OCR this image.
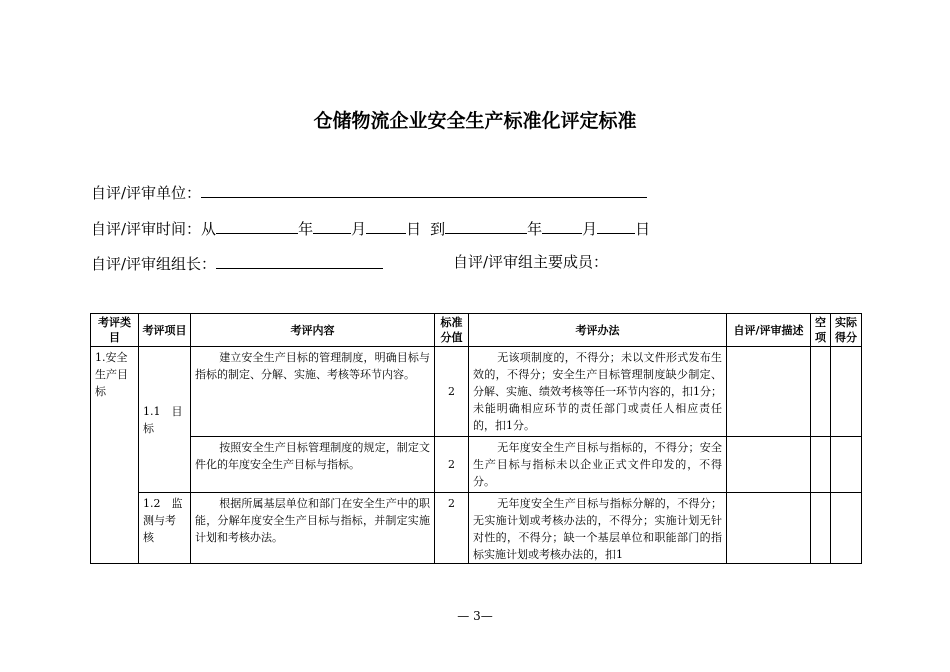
仓储物流企业安全生产标准化评定标准
自评/评审单位：
自评/评审时间：从	年	月	日 到	年	月	日
自评/评审组组长：	自评/评审组主要成员：
考评类目	考评项目	考评内容	标准分值	考评办法	自评/评审描述	空项	实际得分
1.安全生产目标	1.1　目标	建立安全生产目标的管理制度，明确目标与指标的制定、分解、实施、考核等环节内容。	2	无该项制度的，不得分；未以文件形式发布生效的，不得分；安全生产目标管理制度缺少制定、分解、实施、绩效考核等任一环节内容的，扣1分；未能明确相应环节的责任部门或责任人相应责任的，扣1分。			
		按照安全生产目标管理制度的规定，制定文件化的年度安全生产目标与指标。	2	无年度安全生产目标与指标的，不得分；安全生产目标与指标未以企业正式文件印发的，不得分。			
	1.2　监测与考核	根据所属基层单位和部门在安全生产中的职能，分解年度安全生产目标与指标，并制定实施计划和考核办法。	2	无年度安全生产目标与指标分解的，不得分；无实施计划或考核办法的，不得分；实施计划无针对性的，不得分；缺一个基层单位和职能部门的指标实施计划或考核办法的，扣1			

— 3—
